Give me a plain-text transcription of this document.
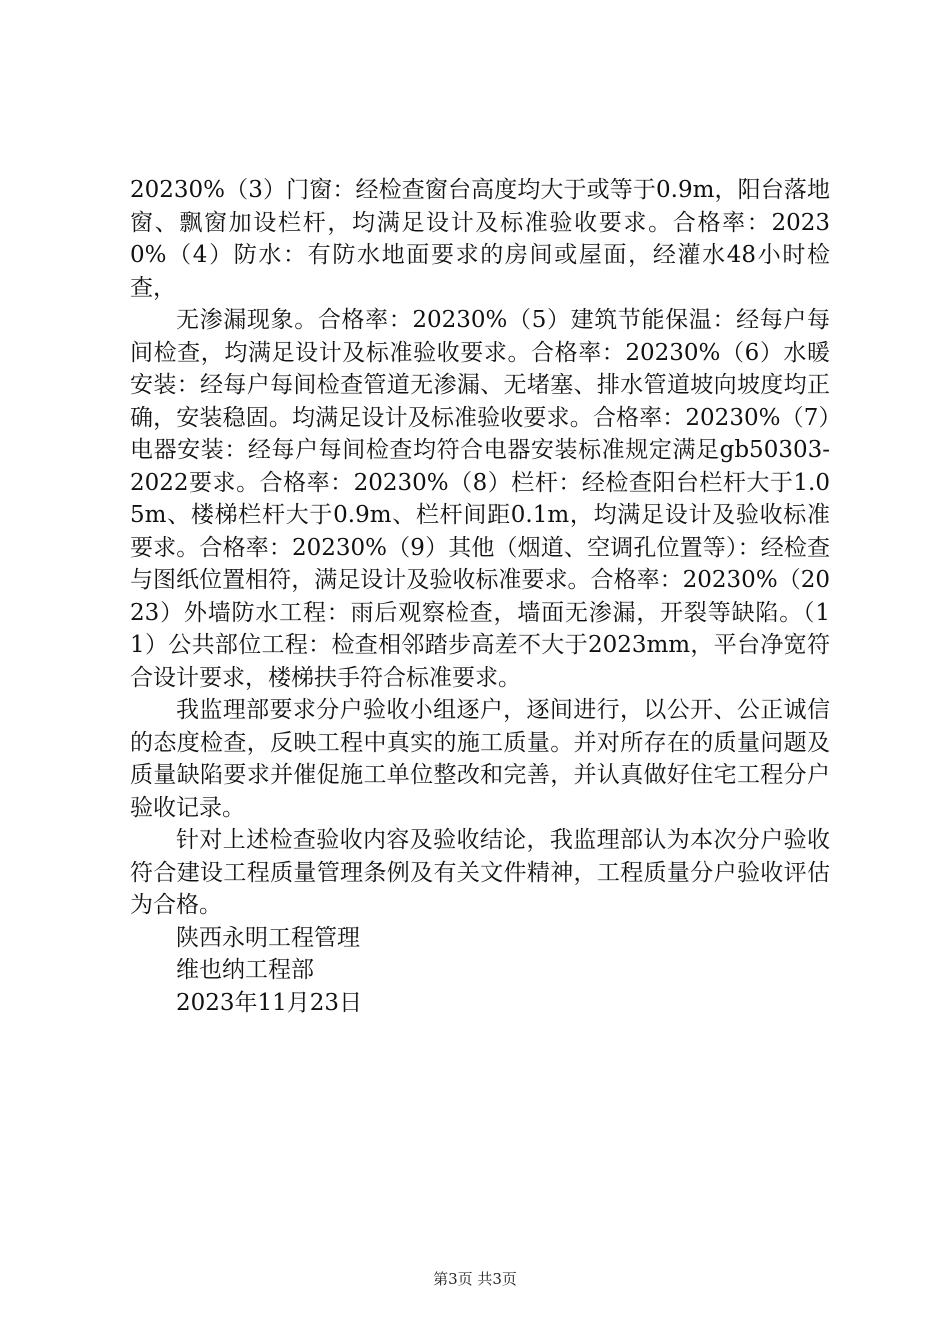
20230%（3）门窗：经检查窗台高度均大于或等于0.9m，阳台落地窗、飘窗加设栏杆，均满足设计及标准验收要求。合格率：20230%（4）防水：有防水地面要求的房间或屋面，经灌水48小时检查，

无渗漏现象。合格率：20230%（5）建筑节能保温：经每户每间检查，均满足设计及标准验收要求。合格率：20230%（6）水暖安装：经每户每间检查管道无渗漏、无堵塞、排水管道坡向坡度均正确，安装稳固。均满足设计及标准验收要求。合格率：20230%（7）电器安装：经每户每间检查均符合电器安装标准规定满足gb50303-2022要求。合格率：20230%（8）栏杆：经检查阳台栏杆大于1.05m、楼梯栏杆大于0.9m、栏杆间距0.1m，均满足设计及验收标准要求。合格率：20230%（9）其他（烟道、空调孔位置等）：经检查与图纸位置相符，满足设计及验收标准要求。合格率：20230%（2023）外墙防水工程：雨后观察检查，墙面无渗漏，开裂等缺陷。（11）公共部位工程：检查相邻踏步高差不大于2023mm，平台净宽符合设计要求，楼梯扶手符合标准要求。

我监理部要求分户验收小组逐户，逐间进行，以公开、公正诚信的态度检查，反映工程中真实的施工质量。并对所存在的质量问题及质量缺陷要求并催促施工单位整改和完善，并认真做好住宅工程分户验收记录。

针对上述检查验收内容及验收结论，我监理部认为本次分户验收符合建设工程质量管理条例及有关文件精神，工程质量分户验收评估为合格。

陕西永明工程管理

维也纳工程部

2023年11月23日

第3页 共3页
